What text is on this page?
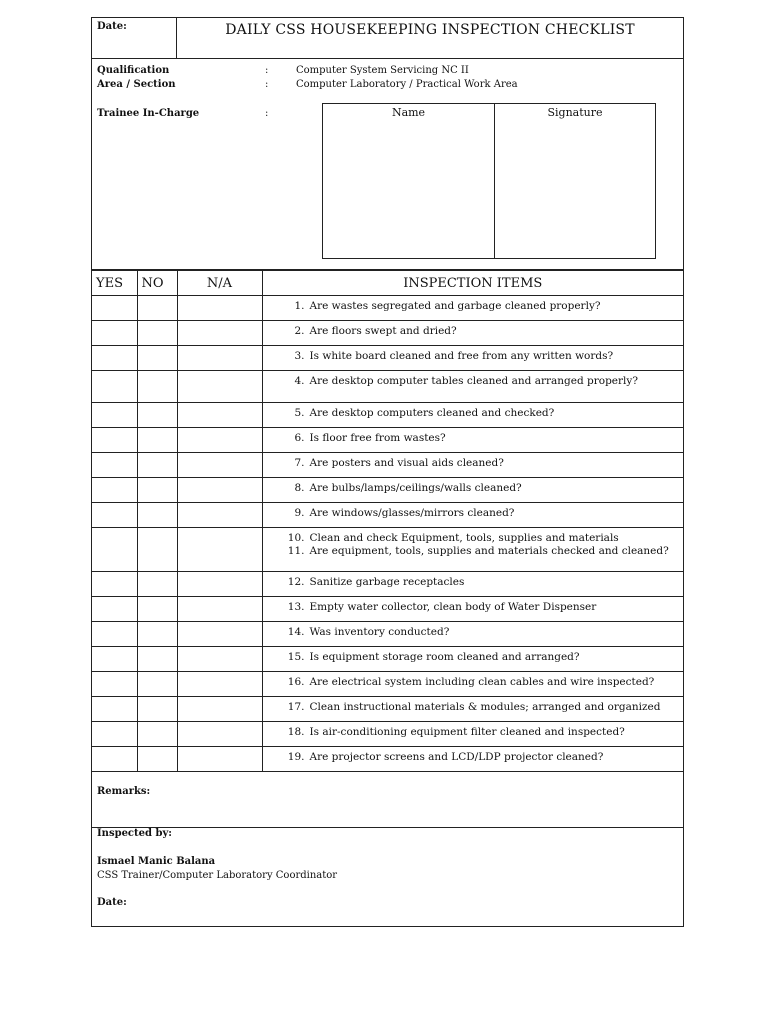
Date:	DAILY CSS HOUSEKEEPING INSPECTION CHECKLIST
Qualification	:	Computer System Servicing NC II
Area / Section	:	Computer Laboratory / Practical Work Area
Trainee In-Charge	:	Name	Signature
YES	NO	N/A	INSPECTION ITEMS

			1. Are wastes segregated and garbage cleaned properly?

			2. Are floors swept and dried?

			3. Is white board cleaned and free from any written words?

			4. Are desktop computer tables cleaned and arranged properly?

			5. Are desktop computers cleaned and checked?

			6. Is floor free from wastes?

			7. Are posters and visual aids cleaned?

			8. Are bulbs/lamps/ceilings/walls cleaned?

			9. Are windows/glasses/mirrors cleaned?

			10. Clean and check Equipment, tools, supplies and materials
11. Are equipment, tools, supplies and materials checked and cleaned?

			12. Sanitize garbage receptacles

			13. Empty water collector, clean body of Water Dispenser

			14. Was inventory conducted?

			15. Is equipment storage room cleaned and arranged?

			16. Are electrical system including clean cables and wire inspected?

			17. Clean instructional materials & modules; arranged and organized

			18. Is air-conditioning equipment filter cleaned and inspected?

			19. Are projector screens and LCD/LDP projector cleaned?
Remarks:
Inspected by:
Ismael Manic Balana
CSS Trainer/Computer Laboratory Coordinator
Date:
